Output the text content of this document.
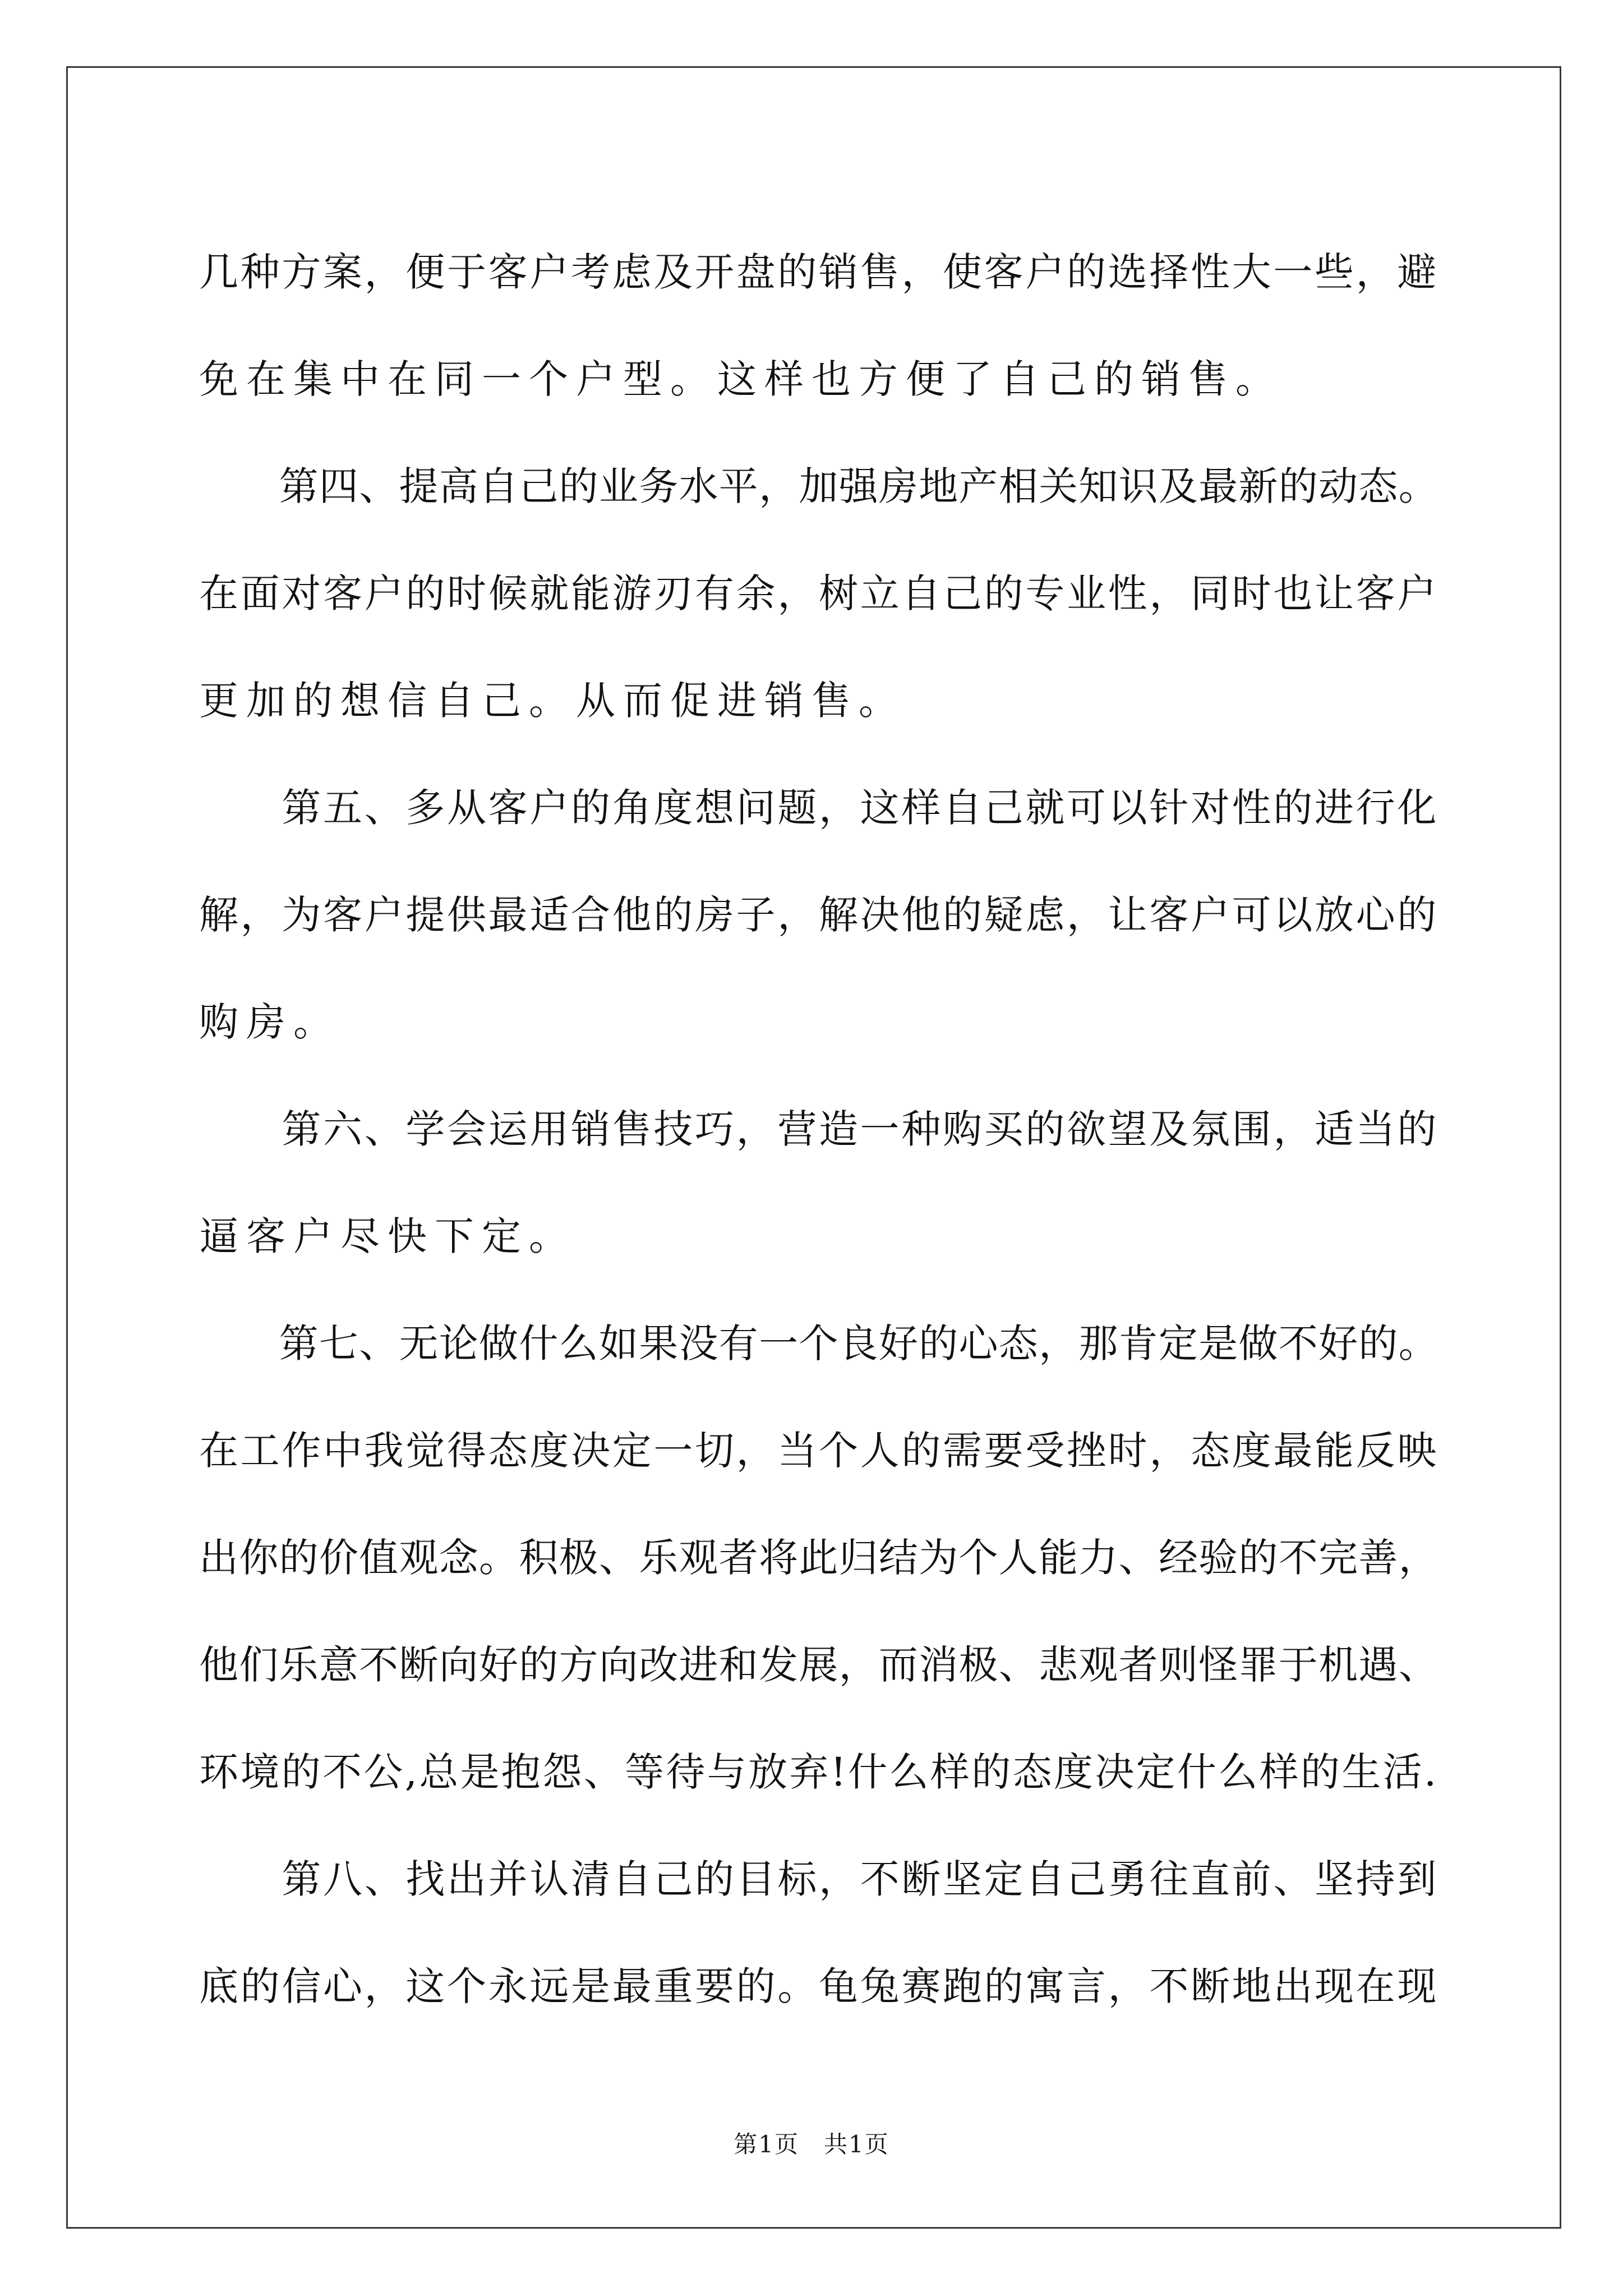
几种方案，便于客户考虑及开盘的销售，使客户的选择性大一些，避
免在集中在同一个户型。这样也方便了自己的销售。
　　第四、提高自己的业务水平，加强房地产相关知识及最新的动态。
在面对客户的时候就能游刃有余，树立自己的专业性，同时也让客户
更加的想信自己。从而促进销售。
　　第五、多从客户的角度想问题，这样自己就可以针对性的进行化
解，为客户提供最适合他的房子，解决他的疑虑，让客户可以放心的
购房。
　　第六、学会运用销售技巧，营造一种购买的欲望及氛围，适当的
逼客户尽快下定。
　　第七、无论做什么如果没有一个良好的心态，那肯定是做不好的。
在工作中我觉得态度决定一切，当个人的需要受挫时，态度最能反映
出你的价值观念。积极、乐观者将此归结为个人能力、经验的不完善，
他们乐意不断向好的方向改进和发展，而消极、悲观者则怪罪于机遇、
环境的不公,总是抱怨、等待与放弃!什么样的态度决定什么样的生活.
　　第八、找出并认清自己的目标，不断坚定自己勇往直前、坚持到
底的信心，这个永远是最重要的。龟兔赛跑的寓言，不断地出现在现
第1页　共1页
